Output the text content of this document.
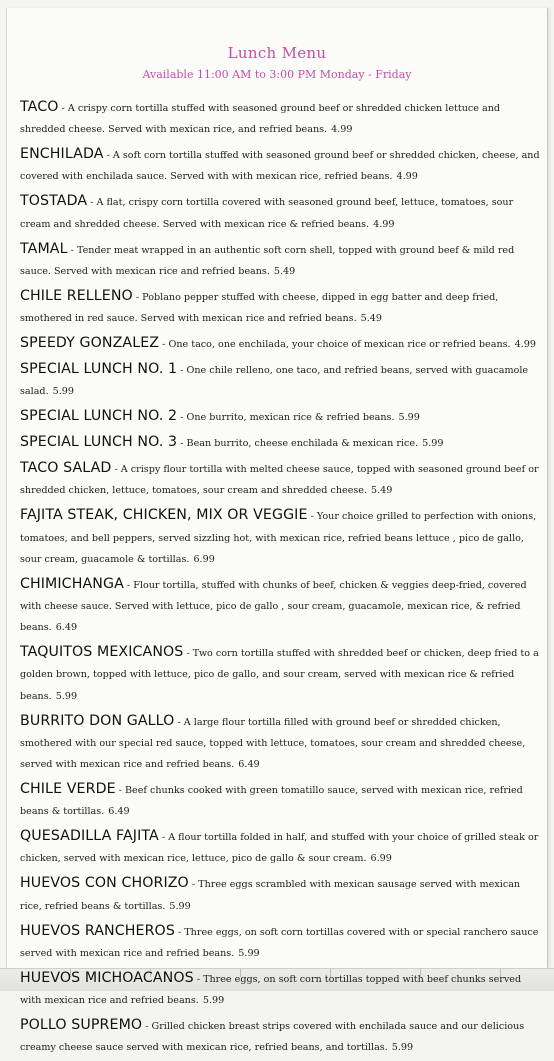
Lunch Menu
Available 11:00 AM to 3:00 PM Monday - Friday
TACO - A crispy corn tortilla stuffed with seasoned ground beef or shredded chicken lettuce and shredded cheese. Served with mexican rice, and refried beans. 4.99
ENCHILADA - A soft corn tortilla stuffed with seasoned ground beef or shredded chicken, cheese, and covered with enchilada sauce. Served with with mexican rice, refried beans. 4.99
TOSTADA - A flat, crispy corn tortilla covered with seasoned ground beef, lettuce, tomatoes, sour cream and shredded cheese. Served with mexican rice & refried beans. 4.99
TAMAL - Tender meat wrapped in an authentic soft corn shell, topped with ground beef & mild red sauce. Served with mexican rice and refried beans. 5.49
CHILE RELLENO - Poblano pepper stuffed with cheese, dipped in egg batter and deep fried, smothered in red sauce. Served with mexican rice and refried beans. 5.49
SPEEDY GONZALEZ - One taco, one enchilada, your choice of mexican rice or refried beans. 4.99
SPECIAL LUNCH NO. 1 - One chile relleno, one taco, and refried beans, served with guacamole salad. 5.99
SPECIAL LUNCH NO. 2 - One burrito, mexican rice & refried beans. 5.99
SPECIAL LUNCH NO. 3 - Bean burrito, cheese enchilada & mexican rice. 5.99
TACO SALAD - A crispy flour tortilla with melted cheese sauce, topped with seasoned ground beef or shredded chicken, lettuce, tomatoes, sour cream and shredded cheese. 5.49
FAJITA STEAK, CHICKEN, MIX OR VEGGIE - Your choice grilled to perfection with onions, tomatoes, and bell peppers, served sizzling hot, with mexican rice, refried beans lettuce , pico de gallo, sour cream, guacamole & tortillas. 6.99
CHIMICHANGA - Flour tortilla, stuffed with chunks of beef, chicken & veggies deep-fried, covered with cheese sauce. Served with lettuce, pico de gallo , sour cream, guacamole, mexican rice, & refried beans. 6.49
TAQUITOS MEXICANOS - Two corn tortilla stuffed with shredded beef or chicken, deep fried to a golden brown, topped with lettuce, pico de gallo, and sour cream, served with mexican rice & refried beans. 5.99
BURRITO DON GALLO - A large flour tortilla filled with ground beef or shredded chicken, smothered with our special red sauce, topped with lettuce, tomatoes, sour cream and shredded cheese, served with mexican rice and refried beans. 6.49
CHILE VERDE - Beef chunks cooked with green tomatillo sauce, served with mexican rice, refried beans & tortillas. 6.49
QUESADILLA FAJITA - A flour tortilla folded in half, and stuffed with your choice of grilled steak or chicken, served with mexican rice, lettuce, pico de gallo & sour cream. 6.99
HUEVOS CON CHORIZO - Three eggs scrambled with mexican sausage served with mexican rice, refried beans & tortillas. 5.99
HUEVOS RANCHEROS - Three eggs, on soft corn tortillas covered with or special ranchero sauce served with mexican rice and refried beans. 5.99
HUEVOS MICHOACANOS - Three eggs, on soft corn tortillas topped with beef chunks served with mexican rice and refried beans. 5.99
POLLO SUPREMO - Grilled chicken breast strips covered with enchilada sauce and our delicious creamy cheese sauce served with mexican rice, refried beans, and tortillas. 5.99
